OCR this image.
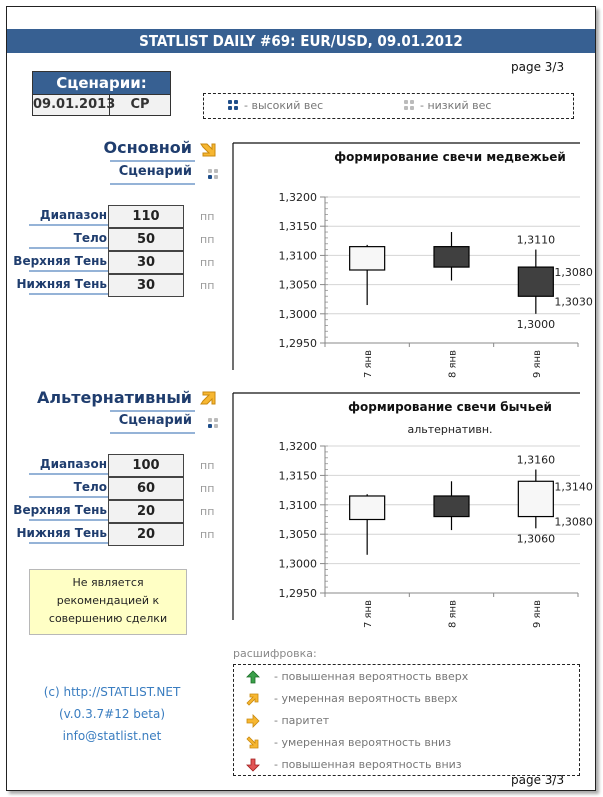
STATLIST DAILY #69: EUR/USD, 09.01.2012
page 3/3
Сценарии:
09.01.2013	CP	- высокий вес	- низкий вес
Основной
Сценарий
Диапазон	110	пп
Тело	50	пп
Верхняя Тень	30	пп
Нижняя Тень	30	пп
формирование свечи медвежьей
1,2950
1,3000
1,3050
1,3100
1,3150
1,3200
7 янв	8 янв	9 янв
1,3110
1,3080
1,3030
1,3000
Альтернативный
Сценарий
Диапазон	100	пп
Тело	60	пп
Верхняя Тень	20	пп
Нижняя Тень	20	пп
формирование свечи бычьей
альтернативн.
1,2950
1,3000
1,3050
1,3100
1,3150
1,3200
7 янв	8 янв	9 янв
1,3160
1,3140
1,3080
1,3060
Не является
рекомендацией к
совершению сделки
(c) http://STATLIST.NET
(v.0.3.7#12 beta)
info@statlist.net
расшифровка:
- повышенная вероятность вверх
- умеренная вероятность вверх
- паритет
- умеренная вероятность вниз
- повышенная вероятность вниз
page 3/3
